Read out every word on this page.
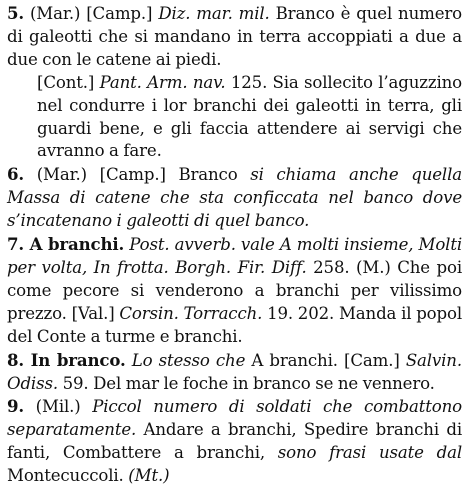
5. (Mar.) [Camp.] Diz. mar. mil. Branco è quel numero di galeotti che si mandano in terra accoppiati a due a due con le catene ai piedi.

[Cont.] Pant. Arm. nav. 125. Sia sollecito l’aguzzino nel condurre i lor branchi dei galeotti in terra, gli guardi bene, e gli faccia attendere ai servigi che avranno a fare.

6. (Mar.) [Camp.] Branco si chiama anche quella Massa di catene che sta conficcata nel banco dove s’incatenano i galeotti di quel banco.

7. A branchi. Post. avverb. vale A molti insieme, Molti per volta, In frotta. Borgh. Fir. Diff. 258. (M.) Che poi come pecore si venderono a branchi per vilissimo prezzo. [Val.] Corsin. Torracch. 19. 202. Manda il popol del Conte a turme e branchi.

8. In branco. Lo stesso che A branchi. [Cam.] Salvin. Odiss. 59. Del mar le foche in branco se ne vennero.

9. (Mil.) Piccol numero di soldati che combattono separatamente. Andare a branchi, Spedire branchi di fanti, Combattere a branchi, sono frasi usate dal Montecuccoli. (Mt.)
